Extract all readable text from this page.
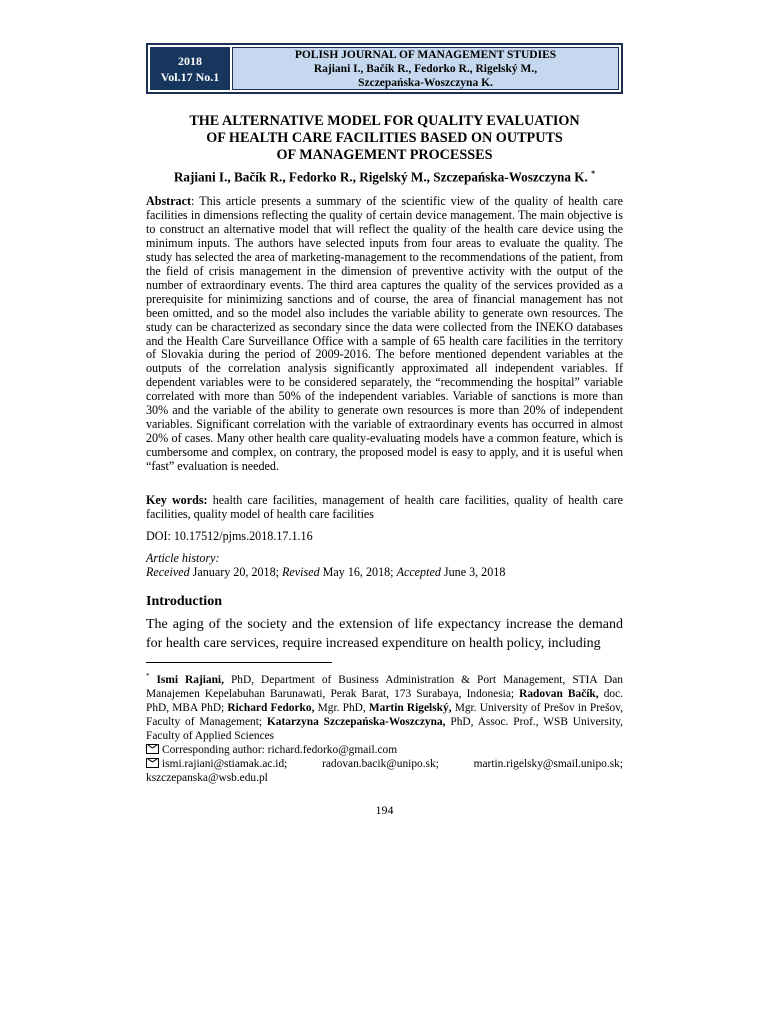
2018
Vol.17 No.1
POLISH JOURNAL OF MANAGEMENT STUDIES
Rajiani I., Bačík R., Fedorko R., Rigelský M.,
Szczepańska-Woszczyna K.
THE ALTERNATIVE MODEL FOR QUALITY EVALUATION
OF HEALTH CARE FACILITIES BASED ON OUTPUTS
OF MANAGEMENT PROCESSES
Rajiani I., Bačík R., Fedorko R., Rigelský M., Szczepańska-Woszczyna K. *
Abstract: This article presents a summary of the scientific view of the quality of health care facilities in dimensions reflecting the quality of certain device management. The main objective is to construct an alternative model that will reflect the quality of the health care device using the minimum inputs. The authors have selected inputs from four areas to evaluate the quality. The study has selected the area of marketing-management to the recommendations of the patient, from the field of crisis management in the dimension of preventive activity with the output of the number of extraordinary events. The third area captures the quality of the services provided as a prerequisite for minimizing sanctions and of course, the area of financial management has not been omitted, and so the model also includes the variable ability to generate own resources. The study can be characterized as secondary since the data were collected from the INEKO databases and the Health Care Surveillance Office with a sample of 65 health care facilities in the territory of Slovakia during the period of 2009-2016. The before mentioned dependent variables at the outputs of the correlation analysis significantly approximated all independent variables. If dependent variables were to be considered separately, the “recommending the hospital” variable correlated with more than 50% of the independent variables. Variable of sanctions is more than 30% and the variable of the ability to generate own resources is more than 20% of independent variables. Significant correlation with the variable of extraordinary events has occurred in almost 20% of cases. Many other health care quality-evaluating models have a common feature, which is cumbersome and complex, on contrary, the proposed model is easy to apply, and it is useful when “fast” evaluation is needed.
Key words: health care facilities, management of health care facilities, quality of health care facilities, quality model of health care facilities
DOI: 10.17512/pjms.2018.17.1.16
Article history:
Received January 20, 2018; Revised May 16, 2018; Accepted June 3, 2018
Introduction
The aging of the society and the extension of life expectancy increase the demand for health care services, require increased expenditure on health policy, including
* Ismi Rajiani, PhD, Department of Business Administration & Port Management, STIA Dan Manajemen Kepelabuhan Barunawati, Perak Barat, 173 Surabaya, Indonesia; Radovan Bačík, doc. PhD, MBA PhD; Richard Fedorko, Mgr. PhD, Martin Rigelský, Mgr. University of Prešov in Prešov, Faculty of Management; Katarzyna Szczepańska-Woszczyna, PhD, Assoc. Prof., WSB University, Faculty of Applied Sciences
Corresponding author: richard.fedorko@gmail.com
ismi.rajiani@stiamak.ac.id; radovan.bacik@unipo.sk; martin.rigelsky@smail.unipo.sk; kszczepanska@wsb.edu.pl
194
